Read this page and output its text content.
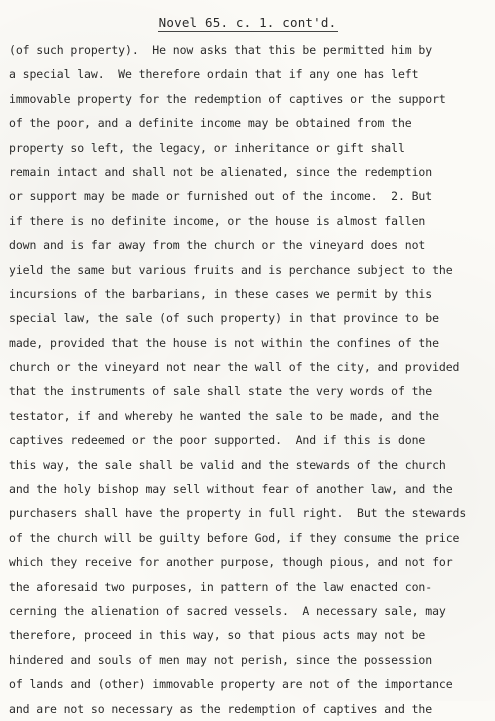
Novel 65. c. 1. cont'd.
(of such property).  He now asks that this be permitted him by
a special law.  We therefore ordain that if any one has left
immovable property for the redemption of captives or the support
of the poor, and a definite income may be obtained from the
property so left, the legacy, or inheritance or gift shall
remain intact and shall not be alienated, since the redemption
or support may be made or furnished out of the income.  2. But
if there is no definite income, or the house is almost fallen
down and is far away from the church or the vineyard does not
yield the same but various fruits and is perchance subject to the
incursions of the barbarians, in these cases we permit by this
special law, the sale (of such property) in that province to be
made, provided that the house is not within the confines of the
church or the vineyard not near the wall of the city, and provided
that the instruments of sale shall state the very words of the
testator, if and whereby he wanted the sale to be made, and the
captives redeemed or the poor supported.  And if this is done
this way, the sale shall be valid and the stewards of the church
and the holy bishop may sell without fear of another law, and the
purchasers shall have the property in full right.  But the stewards
of the church will be guilty before God, if they consume the price
which they receive for another purpose, though pious, and not for
the aforesaid two purposes, in pattern of the law enacted con-
cerning the alienation of sacred vessels.  A necessary sale, may
therefore, proceed in this way, so that pious acts may not be
hindered and souls of men may not perish, since the possession
of lands and (other) immovable property are not of the importance
and are not so necessary as the redemption of captives and the
